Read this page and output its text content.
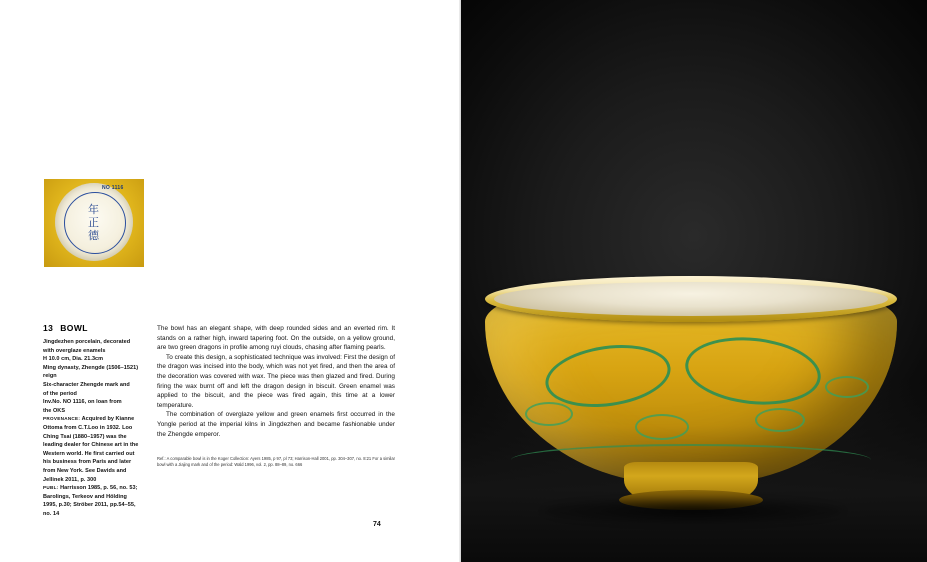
年
正
德
NO 1116
13 BOWL
Jingdezhen porcelain, decorated
with overglaze enamels
H 10.0 cm, Dia. 21.3cm
Ming dynasty, Zhengde (1506–1521)
reign
Six-character Zhengde mark and
of the period
Inv.No. NO 1116, on loan from
the OKS
PROVENANCE: Acquired by Kianne Ottoma from C.T.Loo in 1932. Loo Ching Tsai (1880–1957) was the leading dealer for Chinese art in the Western world. He first carried out his business from Paris and later from New York. See Davids and Jellinek 2011, p. 300
PUBL: Harrisson 1985, p. 56, no. 53; Barolings, Terkeov and Hölding 1995, p.30; Ströber 2011, pp.54–55, no. 14

The bowl has an elegant shape, with deep rounded sides and an everted rim. It stands on a rather high, inward tapering foot. On the outside, on a yellow ground, are two green dragons in profile among ruyi clouds, chasing after flaming pearls.

To create this design, a sophisticated technique was involved: First the design of the dragon was incised into the body, which was not yet fired, and then the area of the decoration was covered with wax. The piece was then glazed and fired. During firing the wax burnt off and left the dragon design in biscuit. Green enamel was applied to the biscuit, and the piece was fired again, this time at a lower temperature.

The combination of overglaze yellow and green enamels first occurred in the Yongle period at the imperial kilns in Jingdezhen and became fashionable under the Zhengde emperor.

Ref.: A comparable bowl is in the Koger Collection: Ayers 1985, p 97, pl 73; Harrison-Hall 2001, pp. 304–307, no. 8:21 For a similar bowl with a Jiajing mark and of the period: Wald 1996, vol. 2, pp. 88–89, no. 666
74
